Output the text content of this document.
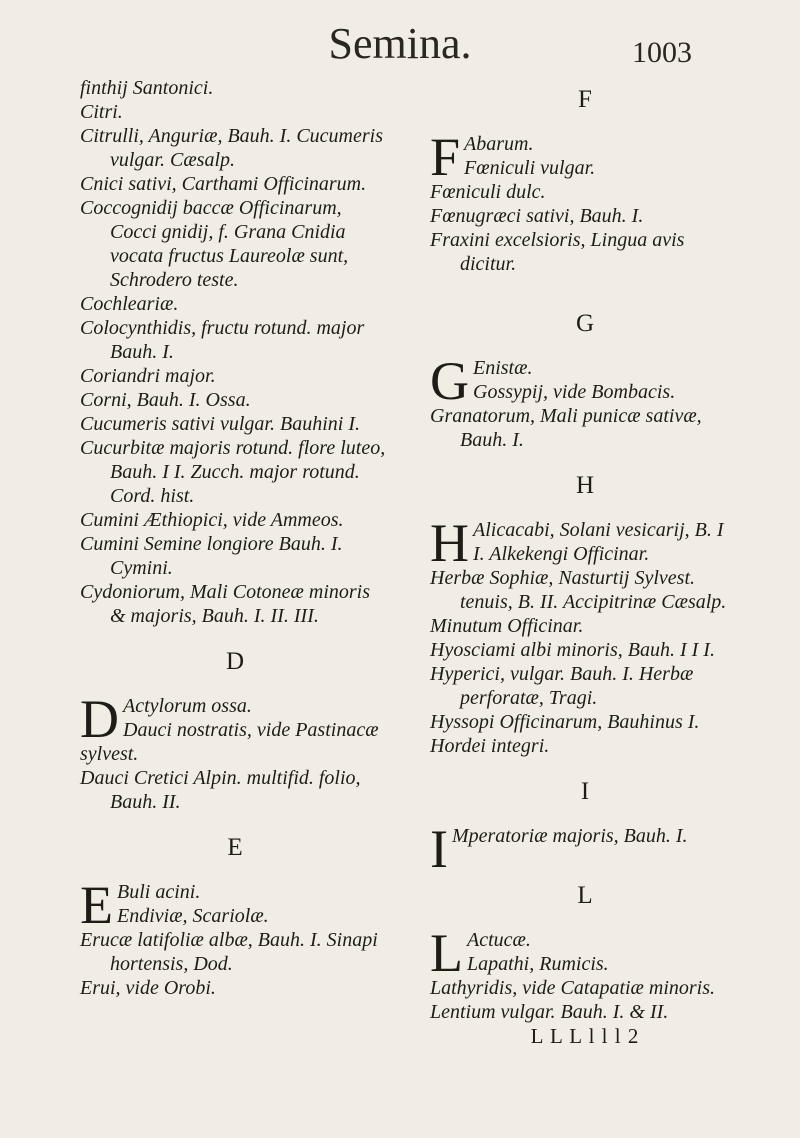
Semina.	1003

finthij Santonici.

Citri.

Citrulli, Anguriæ, Bauh. I. Cucumeris vulgar. Cæsalp.

Cnici sativi, Carthami Officinarum.

Coccognidij baccæ Officinarum, Cocci gnidij, f. Grana Cnidia vocata fructus Laureolæ sunt, Schrodero teste.

Cochleariæ.

Colocynthidis, fructu rotund. major Bauh. I.

Coriandri major.

Corni, Bauh. I. Ossa.

Cucumeris sativi vulgar. Bauhini I.

Cucurbitæ majoris rotund. flore luteo, Bauh. I I. Zucch. major rotund. Cord. hist.

Cumini Æthiopici, vide Ammeos.

Cumini Semine longiore Bauh. I. Cymini.

Cydoniorum, Mali Cotoneæ minoris & majoris, Bauh. I. II. III.

D
D Actylorum ossa.
Dauci nostratis, vide Pastinacæ sylvest.

Dauci Cretici Alpin. multifid. folio, Bauh. II.

E
E Buli acini.
Endiviæ, Scariolæ.

Erucæ latifoliæ albæ, Bauh. I. Sinapi hortensis, Dod.

Erui, vide Orobi.

F
F Abarum.
Fœniculi vulgar.

Fœniculi dulc.

Fœnugræci sativi, Bauh. I.

Fraxini excelsioris, Lingua avis dicitur.

G
G Enistæ.
Gossypij, vide Bombacis.

Granatorum, Mali punicæ sativæ, Bauh. I.

H
H Alicacabi, Solani vesicarij, B. I I. Alkekengi Officinar.

Herbæ Sophiæ, Nasturtij Sylvest. tenuis, B. II. Accipitrinæ Cæsalp.

Minutum Officinar.

Hyosciami albi minoris, Bauh. I I I.

Hyperici, vulgar. Bauh. I. Herbæ perforatæ, Tragi.

Hyssopi Officinarum, Bauhinus I.

Hordei integri.

I
I Mperatoriæ majoris, Bauh. I.
L
L Actucæ.
Lapathi, Rumicis.

Lathyridis, vide Catapatiæ minoris.

Lentium vulgar. Bauh. I. & II.

L L L l l l 2
